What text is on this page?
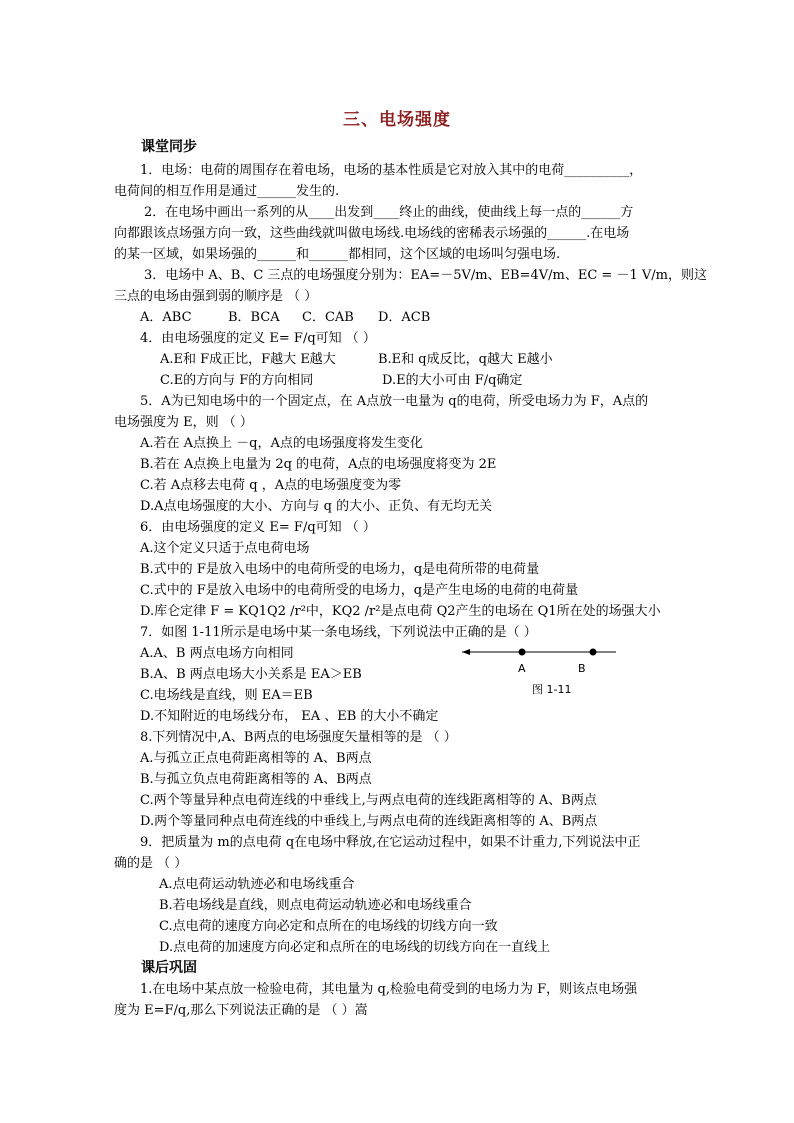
三、电场强度
课堂同步
1．电场：电荷的周围存在着电场，电场的基本性质是它对放入其中的电荷__________，
电荷间的相互作用是通过______发生的.
2．在电场中画出一系列的从____出发到____终止的曲线，使曲线上每一点的______方
向都跟该点场强方向一致，这些曲线就叫做电场线.电场线的密稀表示场强的______.在电场
的某一区域，如果场强的______和______都相同，这个区域的电场叫匀强电场.
3．电场中 A、B、C 三点的电场强度分别为：EA=－5V/m、EB=4V/m、EC = －1 V/m，则这
三点的电场由强到弱的顺序是 （ ）
A．ABC	B．BCA C．CAB D．ACB
4．由电场强度的定义 E= F/q可知 （ ）
A.E和 F成正比，F越大 E越大	B.E和 q成反比，q越大 E越小
C.E的方向与 F的方向相同	D.E的大小可由 F/q确定
5．A为已知电场中的一个固定点，在 A点放一电量为 q的电荷，所受电场力为 F，A点的
电场强度为 E，则 （ ）
A.若在 A点换上 －q，A点的电场强度将发生变化
B.若在 A点换上电量为 2q 的电荷，A点的电场强度将变为 2E
C.若 A点移去电荷 q ，A点的电场强度变为零
D.A点电场强度的大小、方向与 q 的大小、正负、有无均无关
6．由电场强度的定义 E= F/q可知 （ ）
A.这个定义只适于点电荷电场
B.式中的 F是放入电场中的电荷所受的电场力，q是电荷所带的电荷量
C.式中的 F是放入电场中的电荷所受的电场力，q是产生电场的电荷的电荷量
D.库仑定律 F = KQ1Q2 /r²中，KQ2 /r²是点电荷 Q2产生的电场在 Q1所在处的场强大小
7．如图 1-11所示是电场中某一条电场线，下列说法中正确的是（ ）
A.A、B 两点电场方向相同
B.A、B 两点电场大小关系是 EA＞EB
C.电场线是直线，则 EA＝EB
D.不知附近的电场线分布， EA 、EB 的大小不确定
8.下列情况中,A、B两点的电场强度矢量相等的是 （ ）
A.与孤立正点电荷距离相等的 A、B两点
B.与孤立负点电荷距离相等的 A、B两点
C.两个等量异种点电荷连线的中垂线上,与两点电荷的连线距离相等的 A、B两点
D.两个等量同种点电荷连线的中垂线上,与两点电荷的连线距离相等的 A、B两点
9．把质量为 m的点电荷 q在电场中释放,在它运动过程中，如果不计重力,下列说法中正
确的是 （ ）
A.点电荷运动轨迹必和电场线重合
B.若电场线是直线，则点电荷运动轨迹必和电场线重合
C.点电荷的速度方向必定和点所在的电场线的切线方向一致
D.点电荷的加速度方向必定和点所在的电场线的切线方向在一直线上
课后巩固
1.在电场中某点放一检验电荷，其电量为 q,检验电荷受到的电场力为 F，则该点电场强
度为 E=F/q,那么下列说法正确的是 （ ）嵩
A	B
图 1-11
